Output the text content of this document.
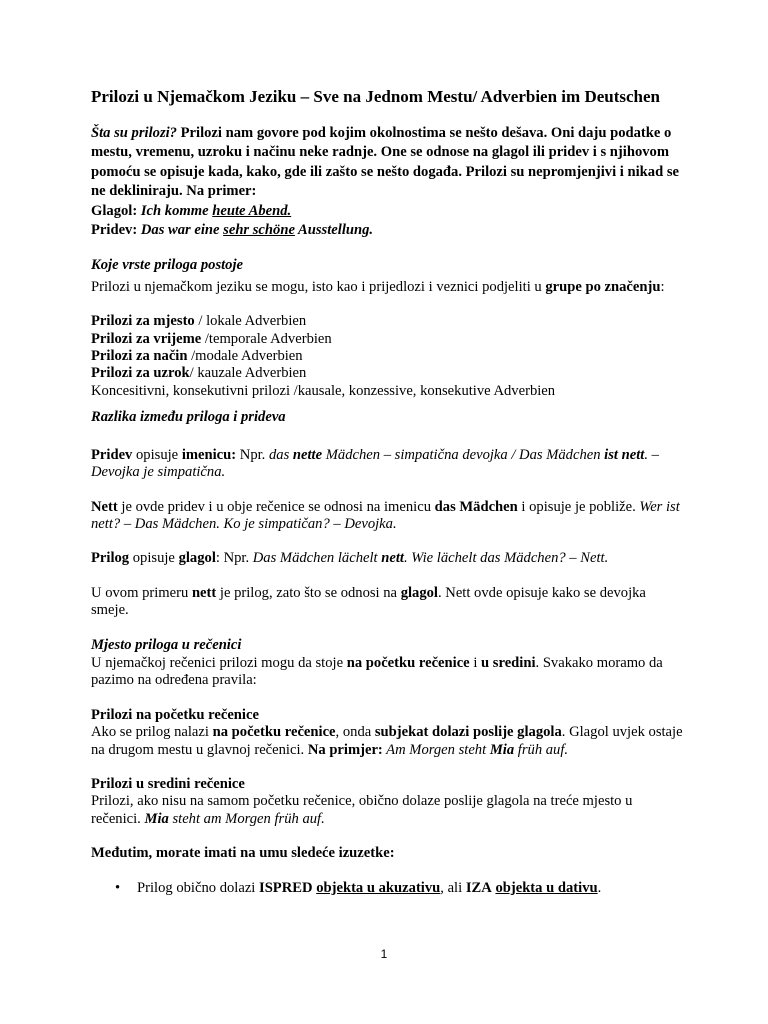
Prilozi u Njemačkom Jeziku – Sve na Jednom Mestu/ Adverbien im Deutschen

Šta su prilozi? Prilozi nam govore pod kojim okolnostima se nešto dešava. Oni daju podatke o mestu, vremenu, uzroku i načinu neke radnje. One se odnose na glagol ili pridev i s njihovom pomoću se opisuje kada, kako, gde ili zašto se nešto događa. Prilozi su nepromjenjivi i nikad se ne dekliniraju. Na primer:
Glagol: Ich komme heute Abend.
Pridev: Das war eine sehr schöne Ausstellung.

Koje vrste priloga postoje

Prilozi u njemačkom jeziku se mogu, isto kao i prijedlozi i veznici podjeliti u grupe po značenju:

Prilozi za mjesto / lokale Adverbien

Prilozi za vrijeme /temporale Adverbien

Prilozi za način /modale Adverbien

Prilozi za uzrok/ kauzale Adverbien

Koncesitivni, konsekutivni prilozi /kausale, konzessive, konsekutive Adverbien

Razlika između priloga i prideva

Pridev opisuje imenicu: Npr. das nette Mädchen – simpatična devojka / Das Mädchen ist nett. – Devojka je simpatična.

Nett je ovde pridev i u obje rečenice se odnosi na imenicu das Mädchen i opisuje je pobliže. Wer ist nett? – Das Mädchen. Ko je simpatičan? – Devojka.

Prilog opisuje glagol: Npr. Das Mädchen lächelt nett. Wie lächelt das Mädchen? – Nett.

U ovom primeru nett je prilog, zato što se odnosi na glagol. Nett ovde opisuje kako se devojka smeje.

Mjesto priloga u rečenici

U njemačkoj rečenici prilozi mogu da stoje na početku rečenice i u sredini. Svakako moramo da pazimo na određena pravila:

Prilozi na početku rečenice

Ako se prilog nalazi na početku rečenice, onda subjekat dolazi poslije glagola. Glagol uvjek ostaje na drugom mestu u glavnoj rečenici. Na primjer: Am Morgen steht Mia früh auf.

Prilozi u sredini rečenice

Prilozi, ako nisu na samom početku rečenice, obično dolaze poslije glagola na treće mjesto u rečenici. Mia steht am Morgen früh auf.

Međutim, morate imati na umu sledeće izuzetke:

• Prilog obično dolazi ISPRED objekta u akuzativu, ali IZA objekta u dativu.
1
